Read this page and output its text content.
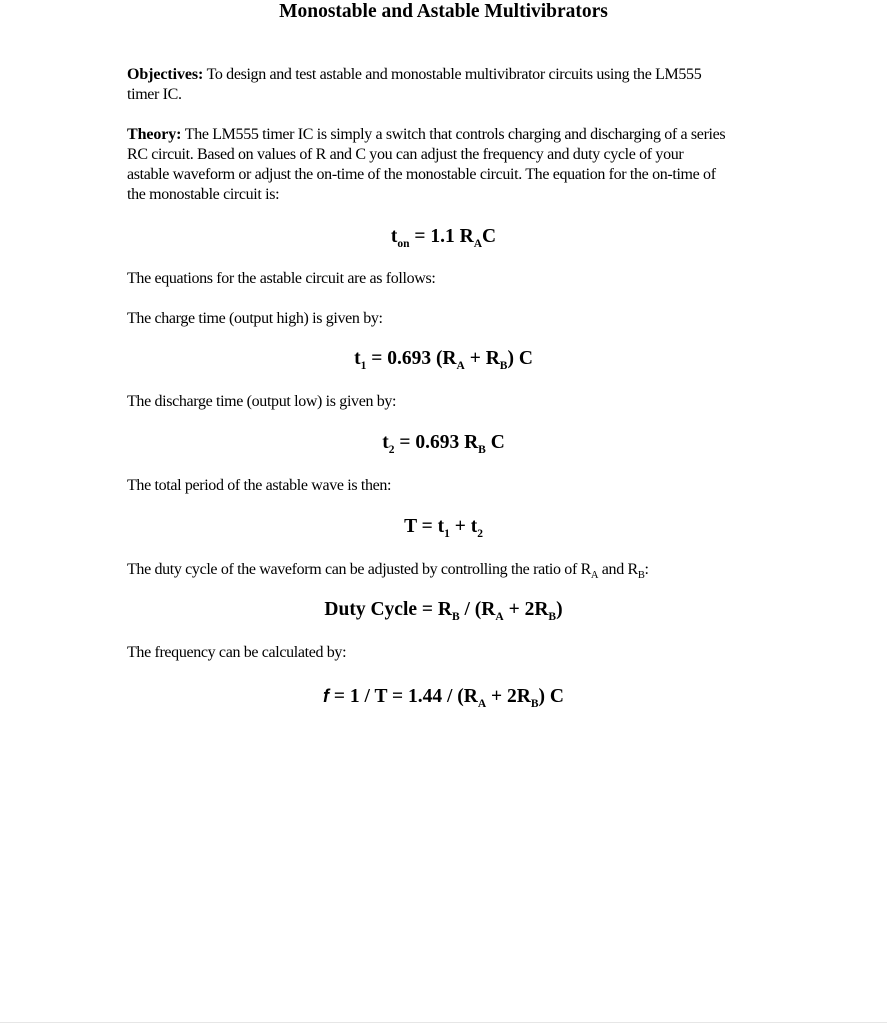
Monostable and Astable Multivibrators

Objectives: To design and test astable and monostable multivibrator circuits using the LM555 timer IC.

Theory: The LM555 timer IC is simply a switch that controls charging and discharging of a series RC circuit. Based on values of R and C you can adjust the frequency and duty cycle of your astable waveform or adjust the on-time of the monostable circuit. The equation for the on-time of the monostable circuit is:

$t_{on} = 1.1$ $R_AC$

The equations for the astable circuit are as follows:

The charge time (output high) is given by:

$t_1 = 0.693$ $(R_A + R_B)$ C

The discharge time (output low) is given by:

$t_2 = 0.693$ $R_B$ C

The total period of the astable wave is then:

$T = t_1 + t_2$

The duty cycle of the waveform can be adjusted by controlling the ratio of $R_A$ and $R_B$:

Duty Cycle = $R_B / (R_A + 2R_B)$

The frequency can be calculated by:

$f = 1 / T = 1.44 / (R_A + 2R_B)$ C
